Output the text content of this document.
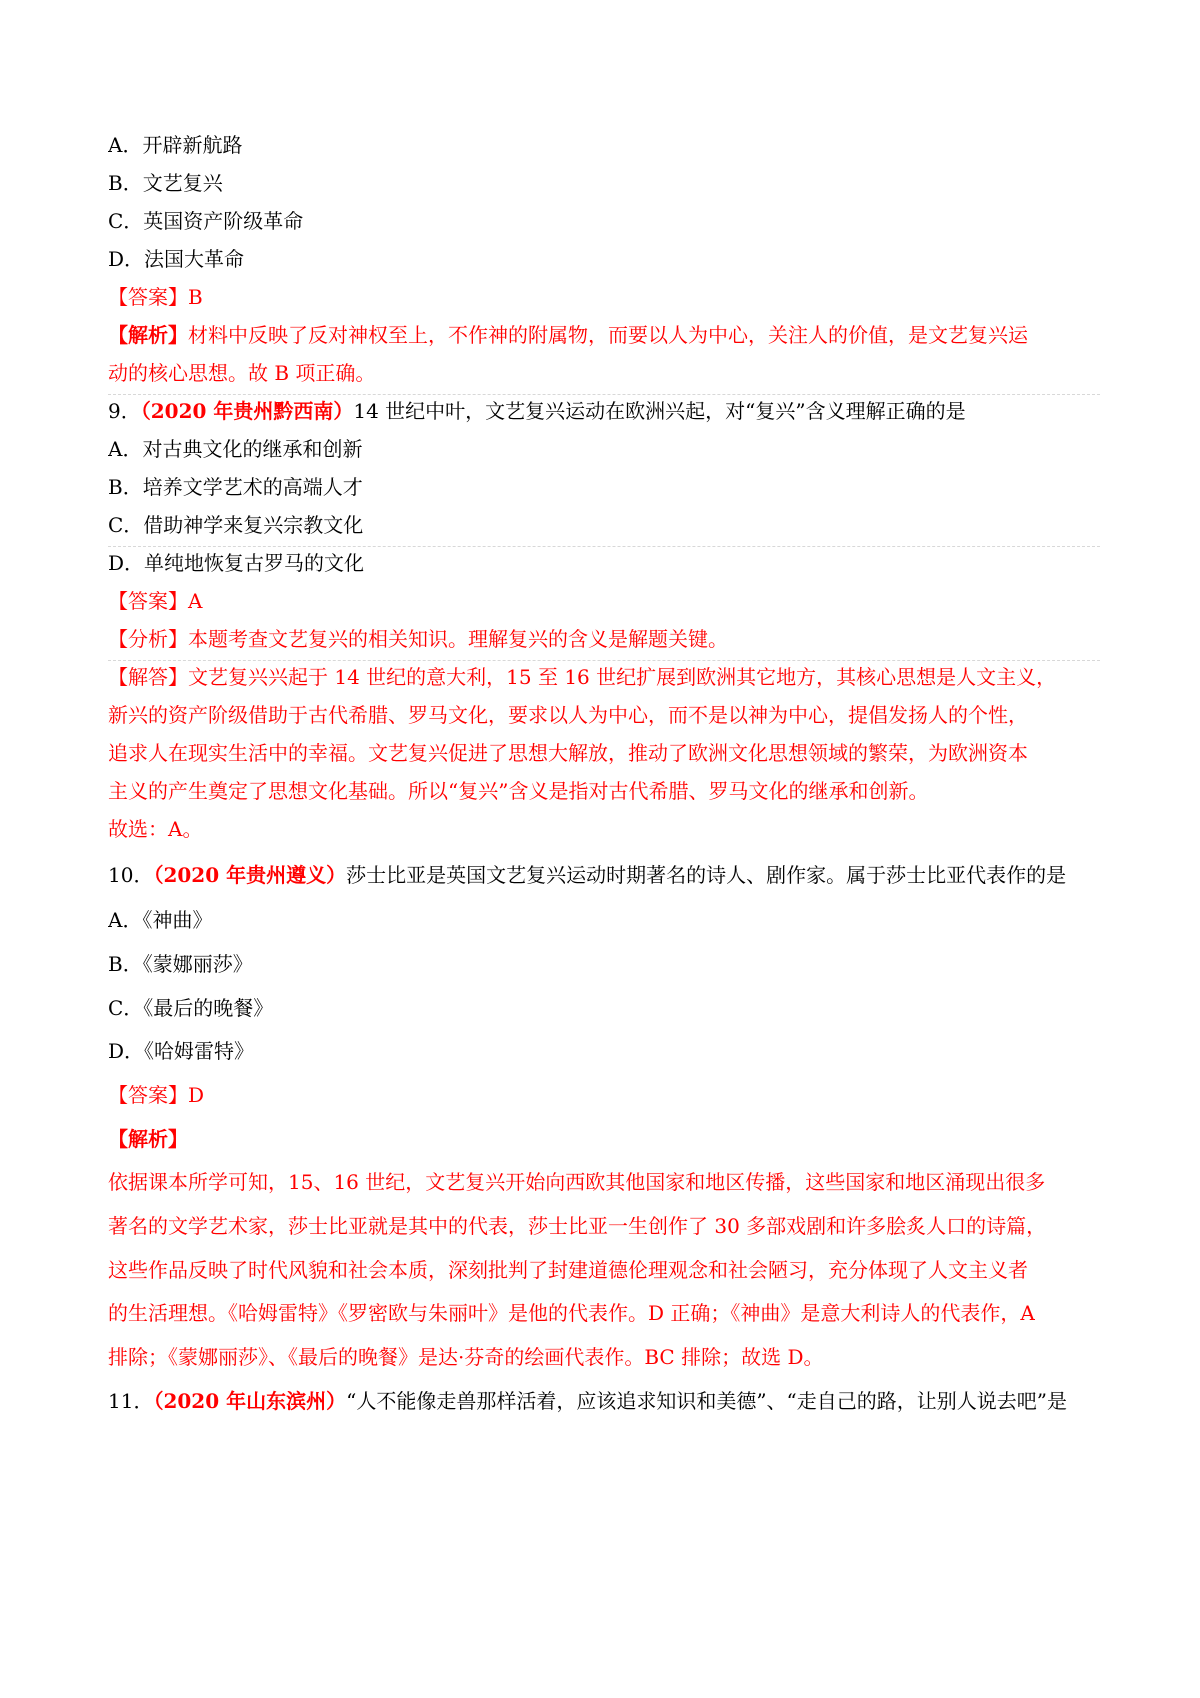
A．开辟新航路
B．文艺复兴
C．英国资产阶级革命
D．法国大革命
【答案】B
【解析】材料中反映了反对神权至上，不作神的附属物，而要以人为中心，关注人的价值，是文艺复兴运
动的核心思想。故 B 项正确。
9．（2020 年贵州黔西南）14 世纪中叶，文艺复兴运动在欧洲兴起，对“复兴”含义理解正确的是
A．对古典文化的继承和创新
B．培养文学艺术的高端人才
C．借助神学来复兴宗教文化
D．单纯地恢复古罗马的文化
【答案】A
【分析】本题考查文艺复兴的相关知识。理解复兴的含义是解题关键。
【解答】文艺复兴兴起于 14 世纪的意大利，15 至 16 世纪扩展到欧洲其它地方，其核心思想是人文主义，
新兴的资产阶级借助于古代希腊、罗马文化，要求以人为中心，而不是以神为中心，提倡发扬人的个性，
追求人在现实生活中的幸福。文艺复兴促进了思想大解放，推动了欧洲文化思想领域的繁荣，为欧洲资本
主义的产生奠定了思想文化基础。所以“复兴”含义是指对古代希腊、罗马文化的继承和创新。
故选：A。
10．（2020 年贵州遵义）莎士比亚是英国文艺复兴运动时期著名的诗人、剧作家。属于莎士比亚代表作的是
A．《神曲》
B．《蒙娜丽莎》
C．《最后的晚餐》
D．《哈姆雷特》
【答案】D
【解析】
依据课本所学可知，15、16 世纪，文艺复兴开始向西欧其他国家和地区传播，这些国家和地区涌现出很多
著名的文学艺术家，莎士比亚就是其中的代表，莎士比亚一生创作了 30 多部戏剧和许多脍炙人口的诗篇，
这些作品反映了时代风貌和社会本质，深刻批判了封建道德伦理观念和社会陋习，充分体现了人文主义者
的生活理想。《哈姆雷特》《罗密欧与朱丽叶》是他的代表作。D 正确；《神曲》是意大利诗人的代表作，A
排除；《蒙娜丽莎》、《最后的晚餐》是达·芬奇的绘画代表作。BC 排除；故选 D。
11．（2020 年山东滨州）“人不能像走兽那样活着，应该追求知识和美德”、“走自己的路，让别人说去吧”是
